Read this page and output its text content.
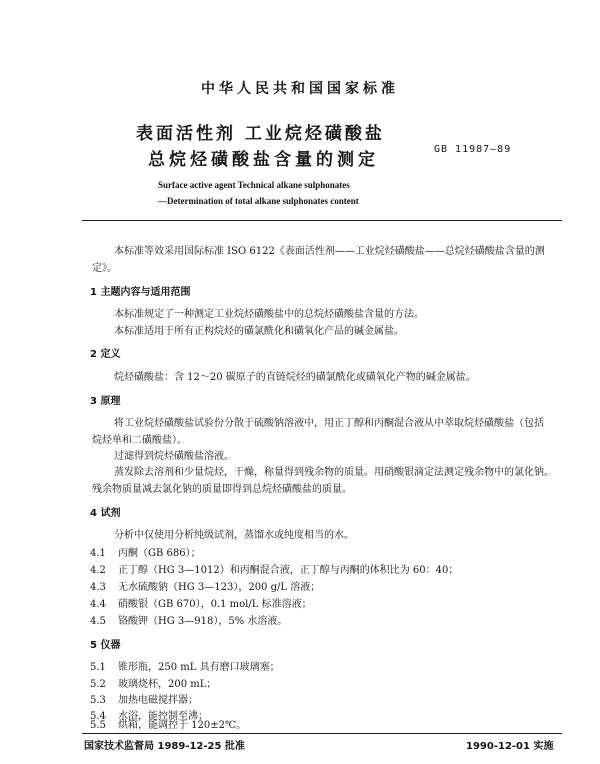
中华人民共和国国家标准
表面活性剂 工业烷烃磺酸盐
总烷烃磺酸盐含量的测定
GB 11987—89
Surface active agent Technical alkane sulphonates
—Determination of total alkane sulphonates content
本标准等效采用国际标准 ISO 6122《表面活性剂——工业烷烃磺酸盐——总烷烃磺酸盐含量的测
定》。
1 主题内容与适用范围
本标准规定了一种测定工业烷烃磺酸盐中的总烷烃磺酸盐含量的方法。
本标准适用于所有正构烷烃的磺氯酰化和磺氧化产品的碱金属盐。
2 定义
烷烃磺酸盐：含 12～20 碳原子的直链烷烃的磺氯酰化或磺氧化产物的碱金属盐。
3 原理
将工业烷烃磺酸盐试验份分散于硫酸钠溶液中，用正丁醇和丙酮混合液从中萃取烷烃磺酸盐（包括
烷烃单和二磺酸盐）。
过滤得到烷烃磺酸盐溶液。
蒸发除去溶剂和少量烷烃，干燥，称量得到残余物的质量。用硝酸银滴定法测定残余物中的氯化钠。
残余物质量减去氯化钠的质量即得到总烷烃磺酸盐的质量。
4 试剂
分析中仅使用分析纯级试剂，蒸馏水或纯度相当的水。
4.1 丙酮（GB 686）；
4.2 正丁醇（HG 3—1012）和丙酮混合液，正丁醇与丙酮的体积比为 60：40；
4.3 无水硫酸钠（HG 3—123），200 g/L 溶液；
4.4 硝酸银（GB 670），0.1 mol/L 标准溶液；
4.5 铬酸钾（HG 3—918），5% 水溶液。
5 仪器
5.1 锥形瓶，250 mL 具有磨口玻璃塞；
5.2 玻璃烧杯，200 mL；
5.3 加热电磁搅拌器；
5.4 水浴，能控制至沸；
5.5 烘箱，能调控于 120±2℃。
国家技术监督局 1989-12-25 批准	1990-12-01 实施
